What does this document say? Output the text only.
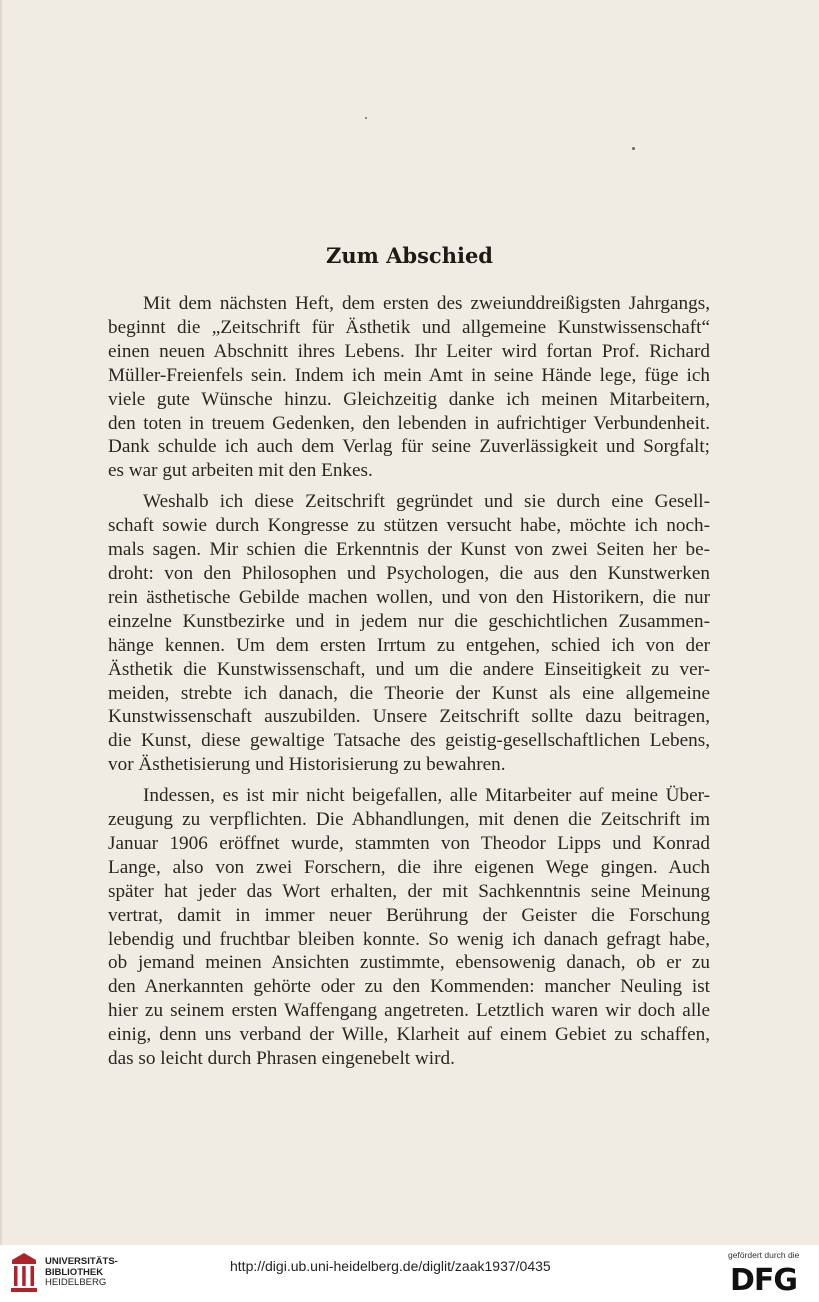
Zum Abschied
Mit dem nächsten Heft, dem ersten des zweiunddreißigsten Jahrgangs,
beginnt die „Zeitschrift für Ästhetik und allgemeine Kunstwissenschaft“
einen neuen Abschnitt ihres Lebens. Ihr Leiter wird fortan Prof. Richard
Müller-Freienfels sein. Indem ich mein Amt in seine Hände lege, füge ich
viele gute Wünsche hinzu. Gleichzeitig danke ich meinen Mitarbeitern,
den toten in treuem Gedenken, den lebenden in aufrichtiger Verbundenheit.
Dank schulde ich auch dem Verlag für seine Zuverlässigkeit und Sorgfalt;
es war gut arbeiten mit den Enkes.
Weshalb ich diese Zeitschrift gegründet und sie durch eine Gesell-
schaft sowie durch Kongresse zu stützen versucht habe, möchte ich noch-
mals sagen. Mir schien die Erkenntnis der Kunst von zwei Seiten her be-
droht: von den Philosophen und Psychologen, die aus den Kunstwerken
rein ästhetische Gebilde machen wollen, und von den Historikern, die nur
einzelne Kunstbezirke und in jedem nur die geschichtlichen Zusammen-
hänge kennen. Um dem ersten Irrtum zu entgehen, schied ich von der
Ästhetik die Kunstwissenschaft, und um die andere Einseitigkeit zu ver-
meiden, strebte ich danach, die Theorie der Kunst als eine allgemeine
Kunstwissenschaft auszubilden. Unsere Zeitschrift sollte dazu beitragen,
die Kunst, diese gewaltige Tatsache des geistig-gesellschaftlichen Lebens,
vor Ästhetisierung und Historisierung zu bewahren.
Indessen, es ist mir nicht beigefallen, alle Mitarbeiter auf meine Über-
zeugung zu verpflichten. Die Abhandlungen, mit denen die Zeitschrift im
Januar 1906 eröffnet wurde, stammten von Theodor Lipps und Konrad
Lange, also von zwei Forschern, die ihre eigenen Wege gingen. Auch
später hat jeder das Wort erhalten, der mit Sachkenntnis seine Meinung
vertrat, damit in immer neuer Berührung der Geister die Forschung
lebendig und fruchtbar bleiben konnte. So wenig ich danach gefragt habe,
ob jemand meinen Ansichten zustimmte, ebensowenig danach, ob er zu
den Anerkannten gehörte oder zu den Kommenden: mancher Neuling ist
hier zu seinem ersten Waffengang angetreten. Letztlich waren wir doch alle
einig, denn uns verband der Wille, Klarheit auf einem Gebiet zu schaffen,
das so leicht durch Phrasen eingenebelt wird.
UNIVERSITÄTS-
BIBLIOTHEK
HEIDELBERG
http://digi.ub.uni-heidelberg.de/diglit/zaak1937/0435
gefördert durch die
DFG
